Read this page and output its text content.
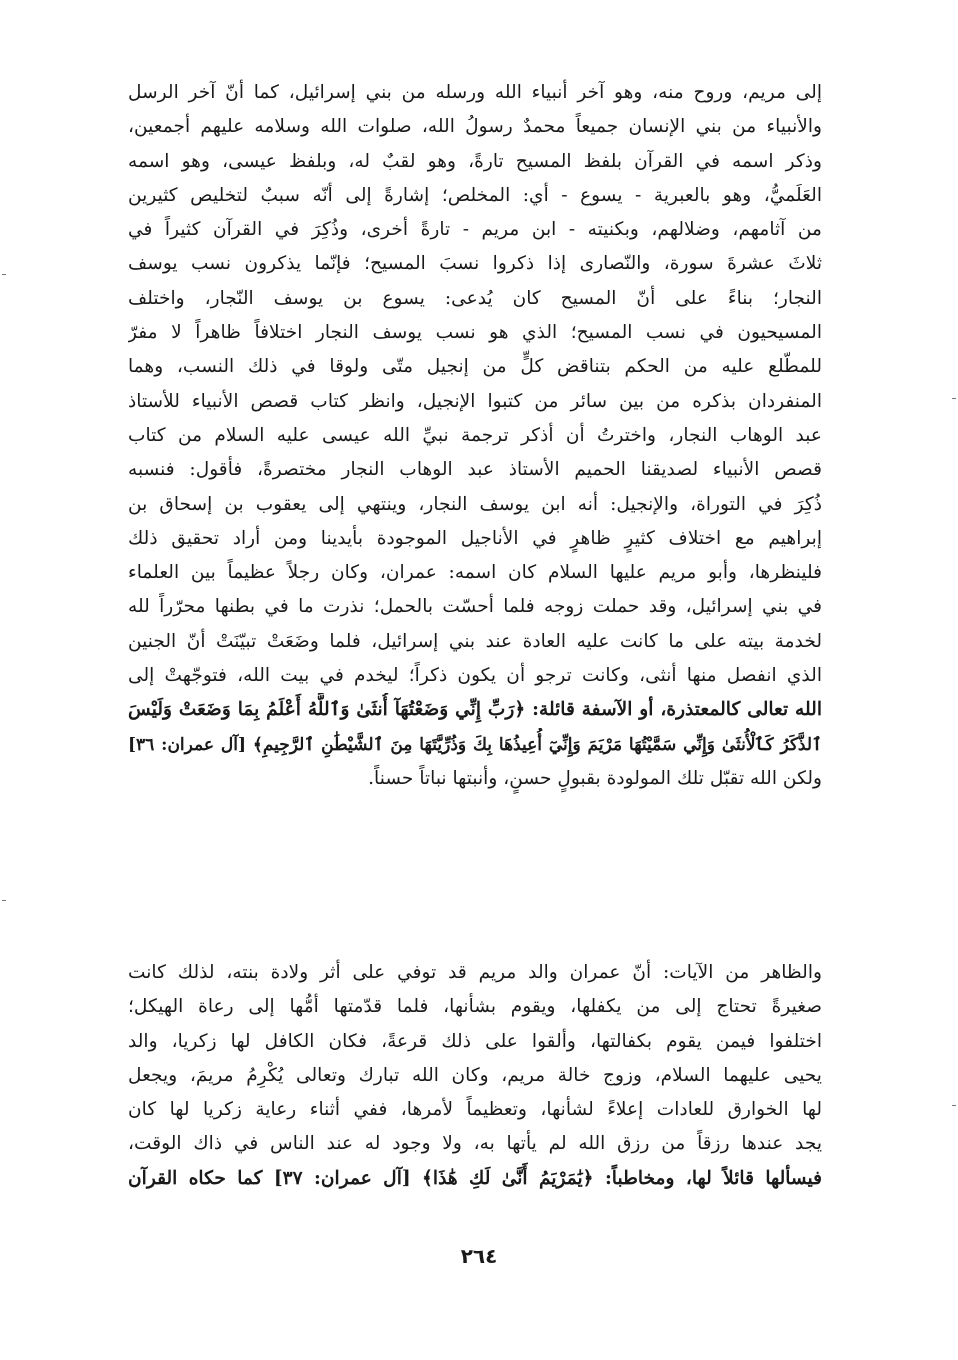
إلى مريم، وروح منه، وهو آخر أنبياء الله ورسله من بني إسرائيل، كما أنّ آخر الرسل
والأنبياء من بني الإنسان جميعاً محمدٌ رسولُ الله، صلوات الله وسلامه عليهم أجمعين،
وذكر اسمه في القرآن بلفظ المسيح تارةً، وهو لقبٌ له، وبلفظ عيسى، وهو اسمه
العَلَميُّ، وهو بالعبرية - يسوع - أي: المخلص؛ إشارةً إلى أنّه سببٌ لتخليص كثيرين
من آثامهم، وضلالهم، وبكنيته - ابن مريم - تارةً أخرى، وذُكِرَ في القرآن كثيراً في
ثلاثَ عشرةَ سورة، والنّصارى إذا ذكروا نسبَ المسيح؛ فإنّما يذكرون نسب يوسف
النجار؛ بناءً على أنّ المسيح كان يُدعى: يسوع بن يوسف النّجار، واختلف
المسيحيون في نسب المسيح؛ الذي هو نسب يوسف النجار اختلافاً ظاهراً لا مفرّ
للمطّلع عليه من الحكم بتناقض كلٍّ من إنجيل متّى ولوقا في ذلك النسب، وهما
المنفردان بذكره من بين سائر من كتبوا الإنجيل، وانظر كتاب قصص الأنبياء للأستاذ
عبد الوهاب النجار، واخترتُ أن أذكر ترجمة نبيِّ الله عيسى عليه السلام من كتاب
قصص الأنبياء لصديقنا الحميم الأستاذ عبد الوهاب النجار مختصرةً، فأقول: فنسبه
ذُكِرَ في التوراة، والإنجيل: أنه ابن يوسف النجار، وينتهي إلى يعقوب بن إسحاق بن
إبراهيم مع اختلاف كثيرٍ ظاهرٍ في الأناجيل الموجودة بأيدينا ومن أراد تحقيق ذلك
فلينظرها، وأبو مريم عليها السلام كان اسمه: عمران، وكان رجلاً عظيماً بين العلماء
في بني إسرائيل، وقد حملت زوجه فلما أحسّت بالحمل؛ نذرت ما في بطنها محرّراً لله
لخدمة بيته على ما كانت عليه العادة عند بني إسرائيل، فلما وضَعَتْ تبيّنَتْ أنّ الجنين
الذي انفصل منها أنثى، وكانت ترجو أن يكون ذكراً؛ ليخدم في بيت الله، فتوجّهتْ إلى
الله تعالى كالمعتذرة، أو الآسفة قائلة: ﴿رَبِّ إِنِّي وَضَعْتُهَآ أُنثَىٰ وَٱللَّهُ أَعْلَمُ بِمَا وَضَعَتْ وَلَيْسَ
ٱلذَّكَرُ كَٱلْأُنثَىٰ وَإِنِّي سَمَّيْتُهَا مَرْيَمَ وَإِنِّيٓ أُعِيذُهَا بِكَ وَذُرِّيَّتَهَا مِنَ ٱلشَّيْطَٰنِ ٱلرَّجِيمِ﴾ [آل عمران: ٣٦]
ولكن الله تقبّل تلك المولودة بقبولٍ حسنٍ، وأنبتها نباتاً حسناً.
والظاهر من الآيات: أنّ عمران والد مريم قد توفي على أثر ولادة بنته، لذلك كانت
صغيرةً تحتاج إلى من يكفلها، ويقوم بشأنها، فلما قدّمتها أمُّها إلى رعاة الهيكل؛
اختلفوا فيمن يقوم بكفالتها، وألقوا على ذلك قرعةً، فكان الكافل لها زكريا، والد
يحيى عليهما السلام، وزوج خالة مريم، وكان الله تبارك وتعالى يُكْرِمُ مريمَ، ويجعل
لها الخوارق للعادات إعلاءً لشأنها، وتعظيماً لأمرها، ففي أثناء رعاية زكريا لها كان
يجد عندها رزقاً من رزق الله لم يأتها به، ولا وجود له عند الناس في ذاك الوقت،
فيسألها قائلاً لها، ومخاطباً: ﴿يَٰمَرْيَمُ أَنَّىٰ لَكِ هَٰذَا﴾ [آل عمران: ٣٧] كما حكاه القرآن
٢٦٤
